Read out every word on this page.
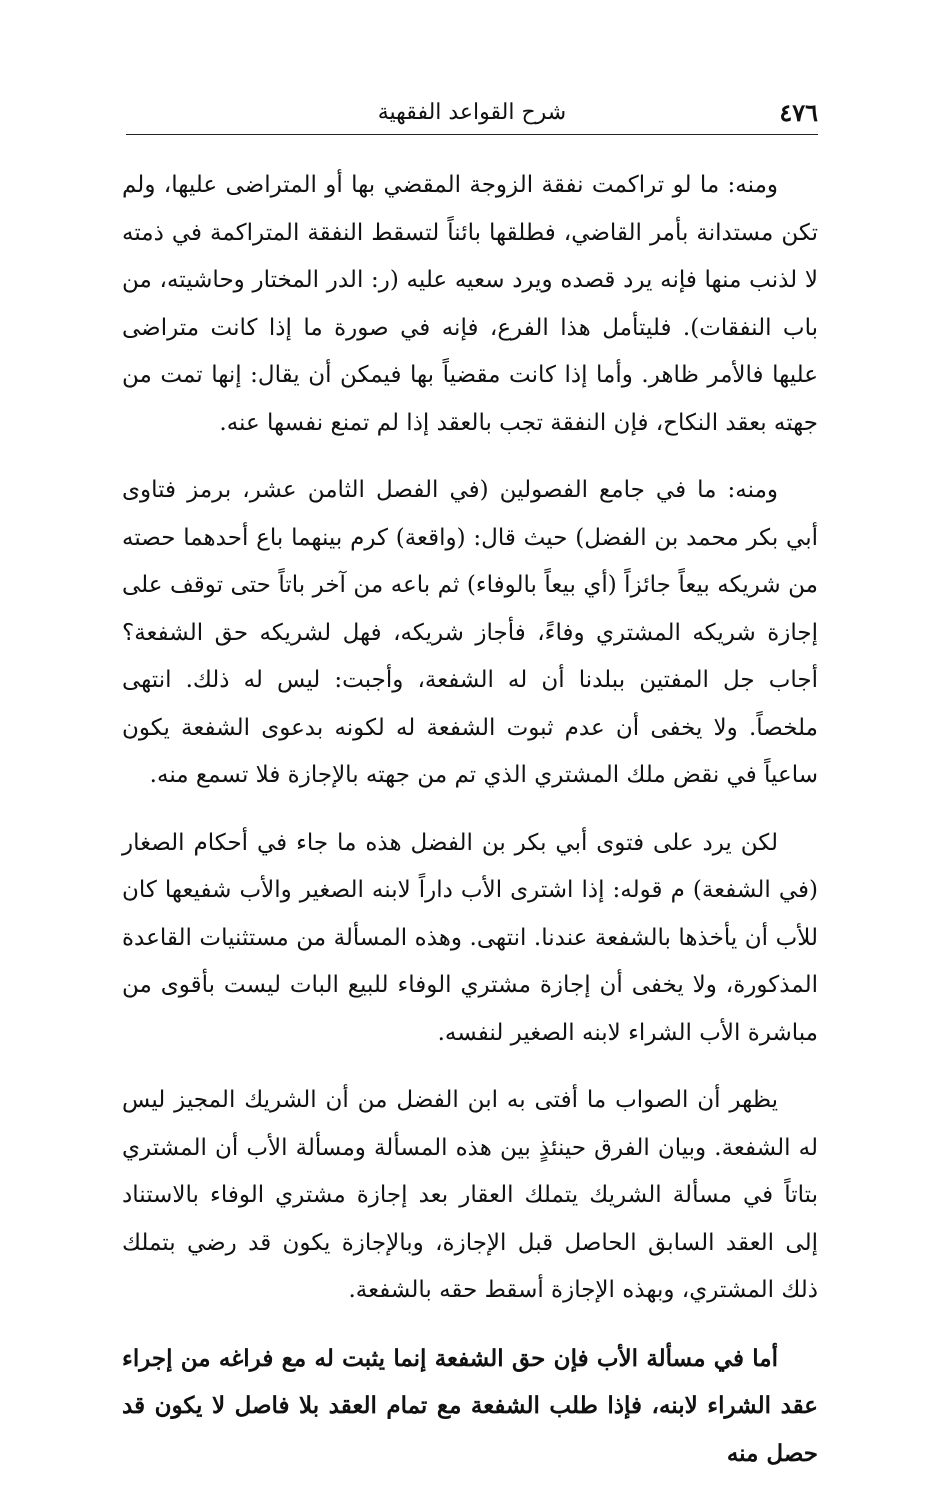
٤٧٦
شرح القواعد الفقهية

ومنه: ما لو تراكمت نفقة الزوجة المقضي بها أو المتراضى عليها، ولم تكن مستدانة بأمر القاضي، فطلقها بائناً لتسقط النفقة المتراكمة في ذمته لا لذنب منها فإنه يرد قصده ويرد سعيه عليه (ر: الدر المختار وحاشيته، من باب النفقات). فليتأمل هذا الفرع، فإنه في صورة ما إذا كانت متراضى عليها فالأمر ظاهر. وأما إذا كانت مقضياً بها فيمكن أن يقال: إنها تمت من جهته بعقد النكاح، فإن النفقة تجب بالعقد إذا لم تمنع نفسها عنه.

ومنه: ما في جامع الفصولين (في الفصل الثامن عشر، برمز فتاوى أبي بكر محمد بن الفضل) حيث قال: (واقعة) كرم بينهما باع أحدهما حصته من شريكه بيعاً جائزاً (أي بيعاً بالوفاء) ثم باعه من آخر باتاً حتى توقف على إجازة شريكه المشتري وفاءً، فأجاز شريكه، فهل لشريكه حق الشفعة؟ أجاب جل المفتين ببلدنا أن له الشفعة، وأجبت: ليس له ذلك. انتهى ملخصاً. ولا يخفى أن عدم ثبوت الشفعة له لكونه بدعوى الشفعة يكون ساعياً في نقض ملك المشتري الذي تم من جهته بالإجازة فلا تسمع منه.

لكن يرد على فتوى أبي بكر بن الفضل هذه ما جاء في أحكام الصغار (في الشفعة) م قوله: إذا اشترى الأب داراً لابنه الصغير والأب شفيعها كان للأب أن يأخذها بالشفعة عندنا. انتهى. وهذه المسألة من مستثنيات القاعدة المذكورة، ولا يخفى أن إجازة مشتري الوفاء للبيع البات ليست بأقوى من مباشرة الأب الشراء لابنه الصغير لنفسه.

يظهر أن الصواب ما أفتى به ابن الفضل من أن الشريك المجيز ليس له الشفعة. وبيان الفرق حينئذٍ بين هذه المسألة ومسألة الأب أن المشتري بتاتاً في مسألة الشريك يتملك العقار بعد إجازة مشتري الوفاء بالاستناد إلى العقد السابق الحاصل قبل الإجازة، وبالإجازة يكون قد رضي بتملك ذلك المشتري، وبهذه الإجازة أسقط حقه بالشفعة.

أما في مسألة الأب فإن حق الشفعة إنما يثبت له مع فراغه من إجراء عقد الشراء لابنه، فإذا طلب الشفعة مع تمام العقد بلا فاصل لا يكون قد حصل منه
